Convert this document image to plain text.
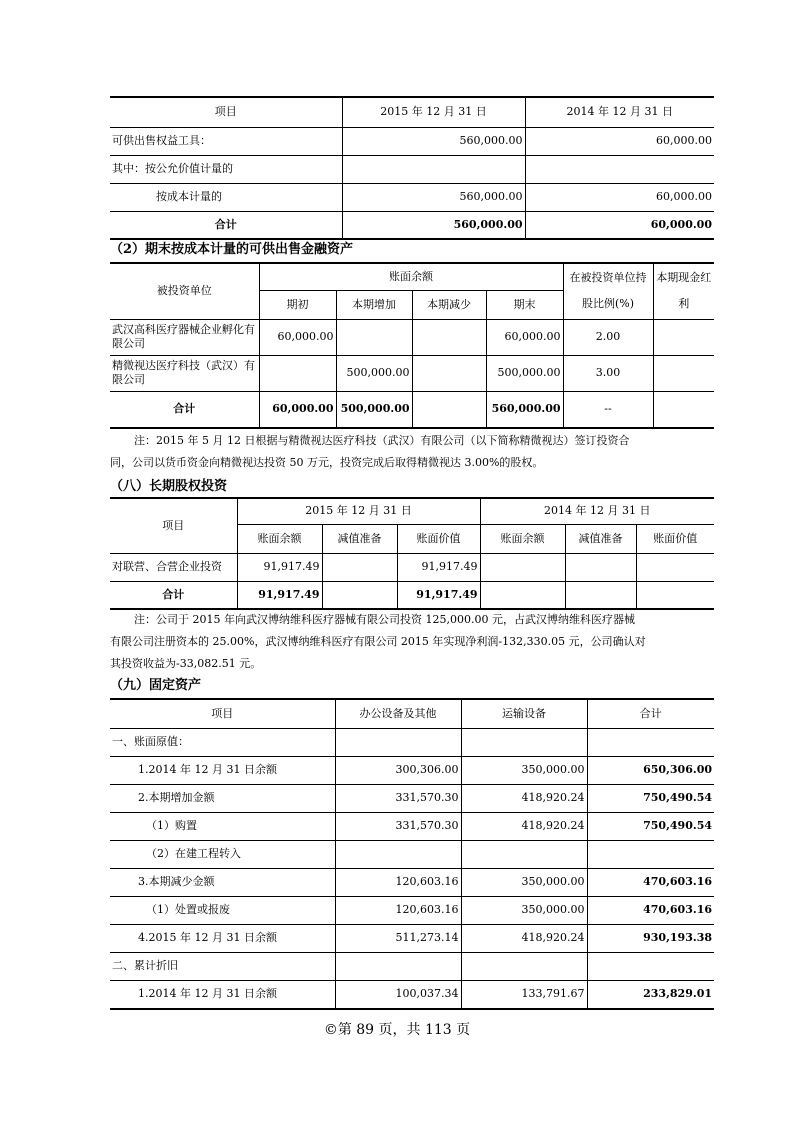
项目	2015 年 12 月 31 日	2014 年 12 月 31 日
可供出售权益工具：	560,000.00	60,000.00
其中：按公允价值计量的		
按成本计量的	560,000.00	60,000.00
合计	560,000.00	60,000.00
（2）期末按成本计量的可供出售金融资产
被投资单位	账面余额				在被投资单位持股比例(%)	本期现金红利
	期初	本期增加	本期减少	期末		
武汉高科医疗器械企业孵化有限公司	60,000.00			60,000.00	2.00	
精微视达医疗科技（武汉）有限公司		500,000.00		500,000.00	3.00	
合计	60,000.00	500,000.00		560,000.00	--	

注：2015 年 5 月 12 日根据与精微视达医疗科技（武汉）有限公司（以下简称精微视达）签订投资合

同，公司以货币资金向精微视达投资 50 万元，投资完成后取得精微视达 3.00%的股权。

（八）长期股权投资
项目	2015 年 12 月 31 日			2014 年 12 月 31 日		
	账面余额	减值准备	账面价值	账面余额	减值准备	账面价值
对联营、合营企业投资	91,917.49		91,917.49			
合计	91,917.49		91,917.49			

注：公司于 2015 年向武汉博纳维科医疗器械有限公司投资 125,000.00 元，占武汉博纳维科医疗器械

有限公司注册资本的 25.00%，武汉博纳维科医疗有限公司 2015 年实现净利润-132,330.05 元，公司确认对

其投资收益为-33,082.51 元。

（九）固定资产
项目	办公设备及其他	运输设备	合计
一、账面原值：			
1.2014 年 12 月 31 日余额	300,306.00	350,000.00	650,306.00
2.本期增加金额	331,570.30	418,920.24	750,490.54
（1）购置	331,570.30	418,920.24	750,490.54
（2）在建工程转入			
3.本期减少金额	120,603.16	350,000.00	470,603.16
（1）处置或报废	120,603.16	350,000.00	470,603.16
4.2015 年 12 月 31 日余额	511,273.14	418,920.24	930,193.38
二、累计折旧			
1.2014 年 12 月 31 日余额	100,037.34	133,791.67	233,829.01
©第 89 页，共 113 页
